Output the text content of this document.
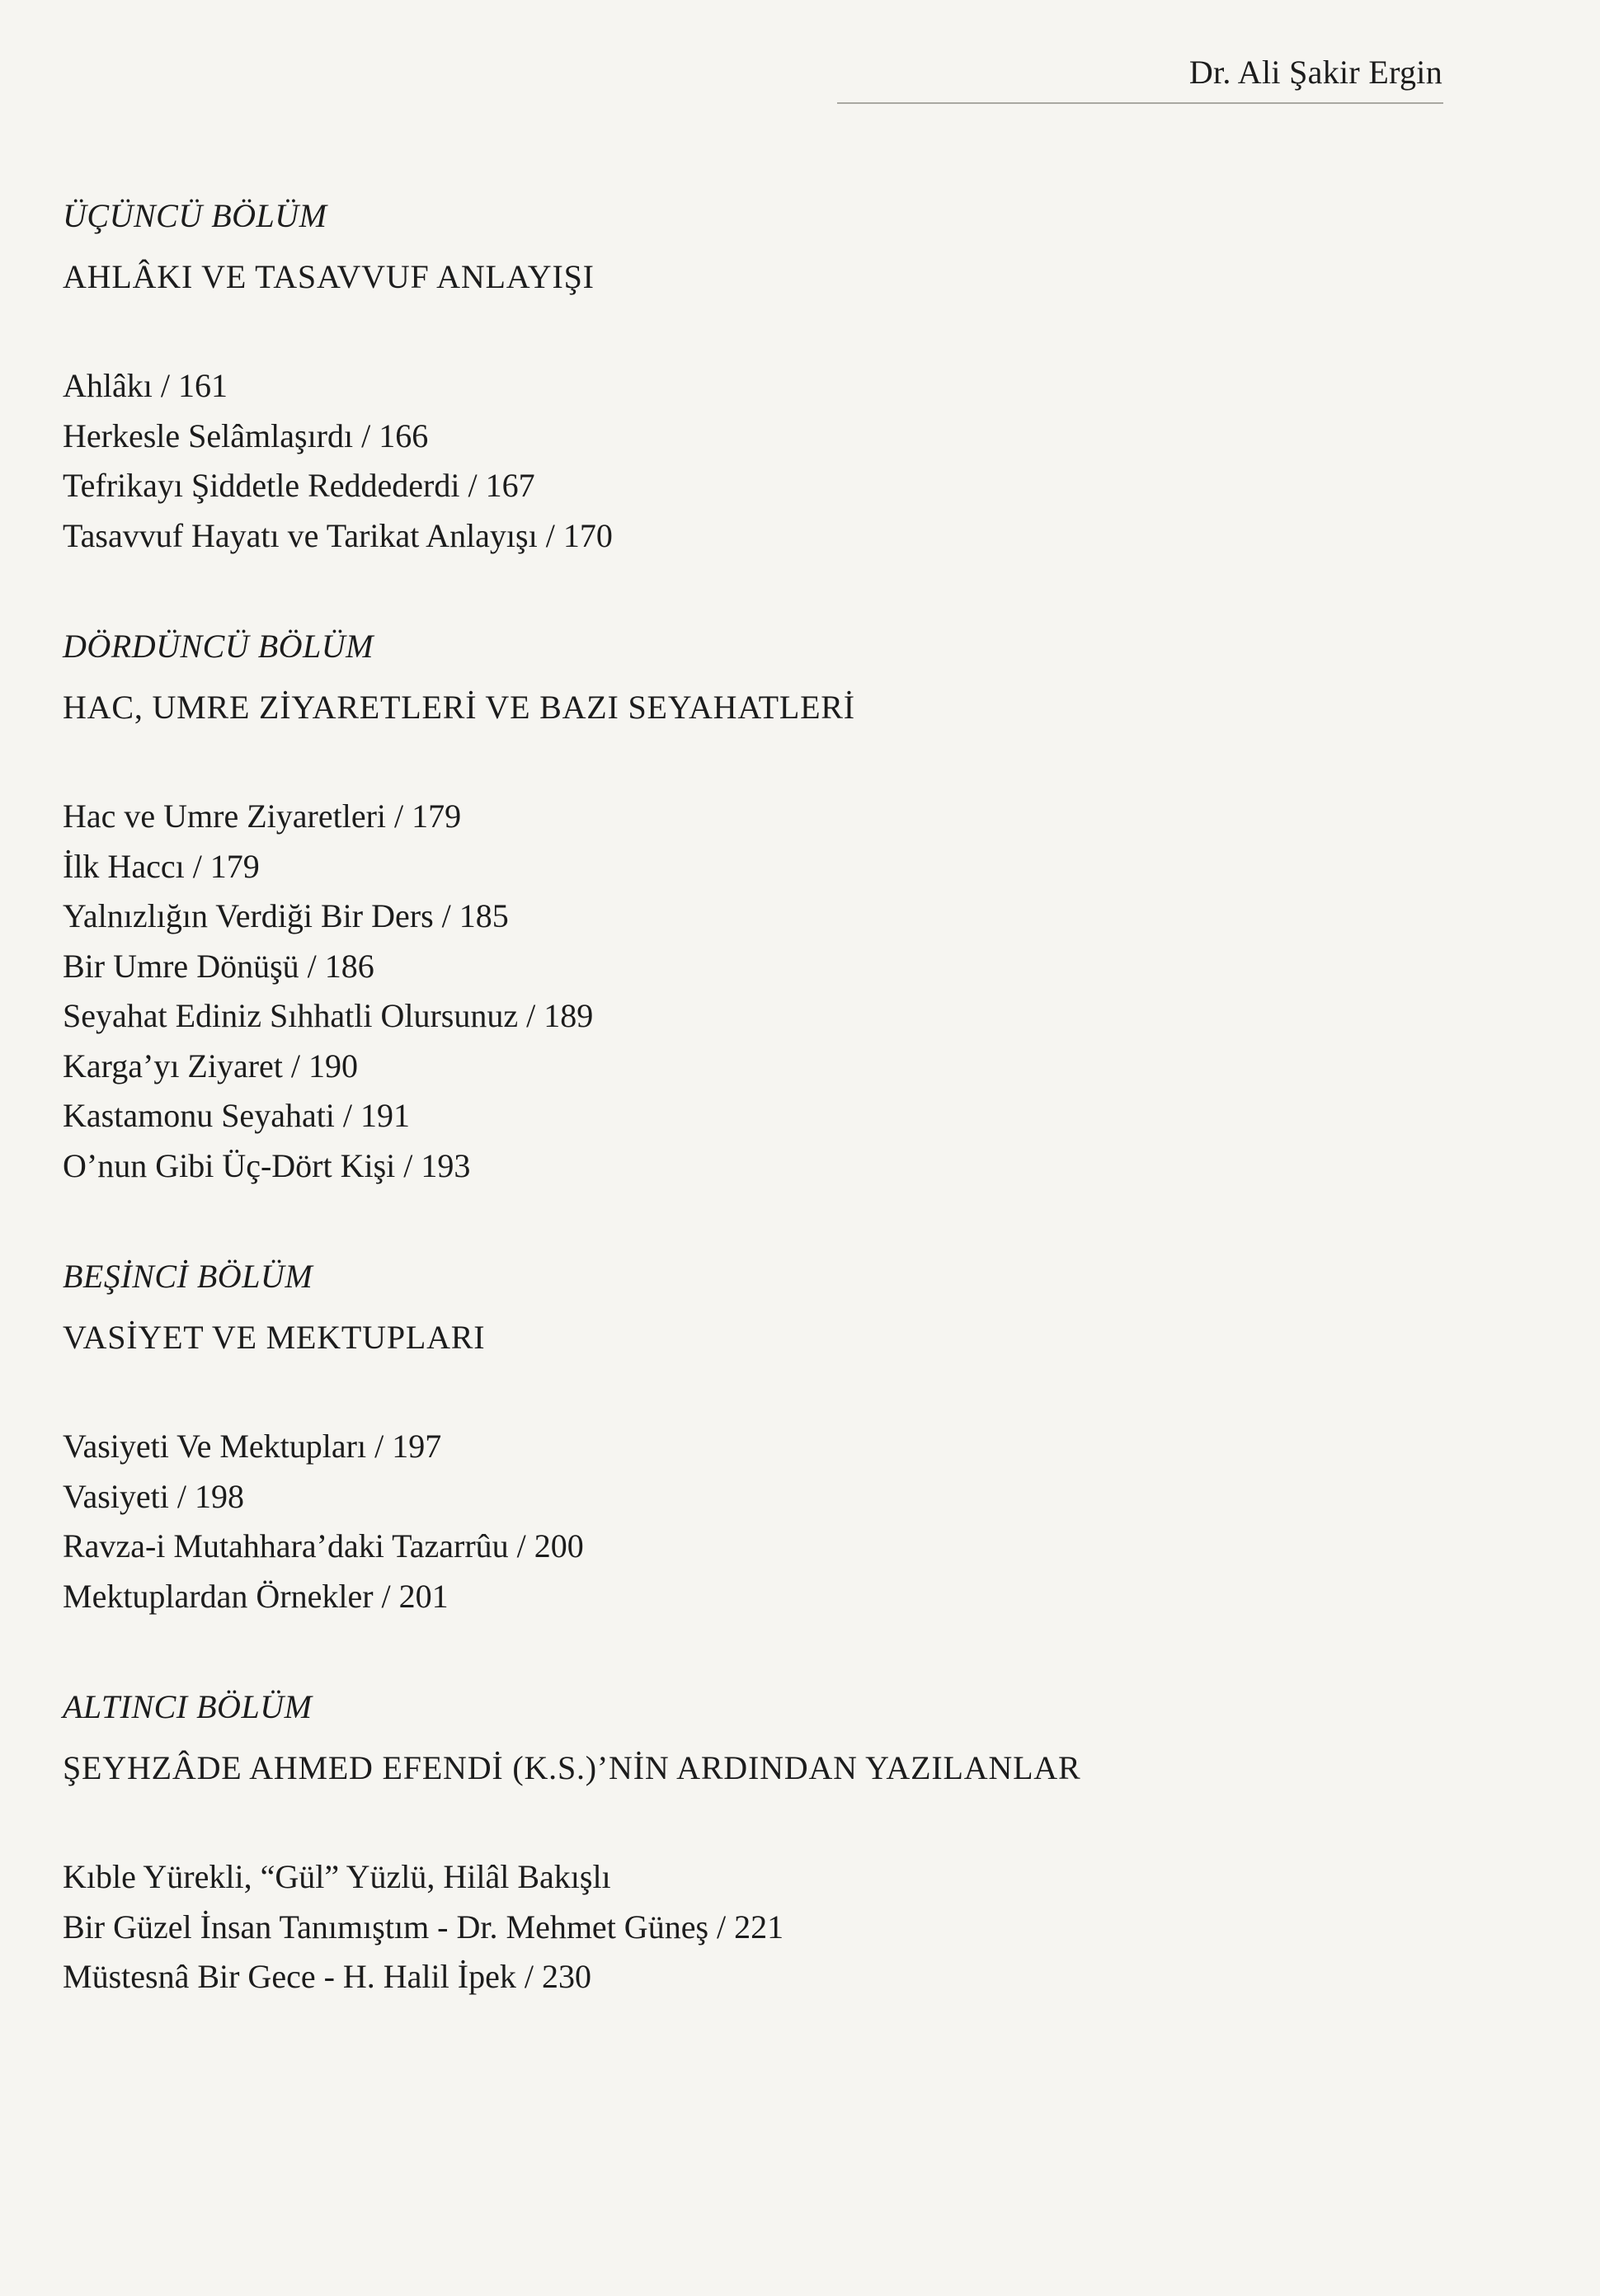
Dr. Ali Şakir Ergin
ÜÇÜNCÜ BÖLÜM
AHLÂKI VE TASAVVUF ANLAYIŞI
Ahlâkı / 161
Herkesle Selâmlaşırdı / 166
Tefrikayı Şiddetle Reddederdi / 167
Tasavvuf Hayatı ve Tarikat Anlayışı / 170
DÖRDÜNCÜ BÖLÜM
HAC, UMRE ZİYARETLERİ VE BAZI SEYAHATLERİ
Hac ve Umre Ziyaretleri / 179
İlk Haccı / 179
Yalnızlığın Verdiği Bir Ders / 185
Bir Umre Dönüşü / 186
Seyahat Ediniz Sıhhatli Olursunuz / 189
Karga’yı Ziyaret / 190
Kastamonu Seyahati / 191
O’nun Gibi Üç-Dört Kişi / 193
BEŞİNCİ BÖLÜM
VASİYET VE MEKTUPLARI
Vasiyeti Ve Mektupları / 197
Vasiyeti / 198
Ravza-i Mutahhara’daki Tazarrûu / 200
Mektuplardan Örnekler / 201
ALTINCI BÖLÜM
ŞEYHZÂDE AHMED EFENDİ (K.S.)’NİN ARDINDAN YAZILANLAR
Kıble Yürekli, “Gül” Yüzlü, Hilâl Bakışlı
Bir Güzel İnsan Tanımıştım - Dr. Mehmet Güneş / 221
Müstesnâ Bir Gece - H. Halil İpek / 230
